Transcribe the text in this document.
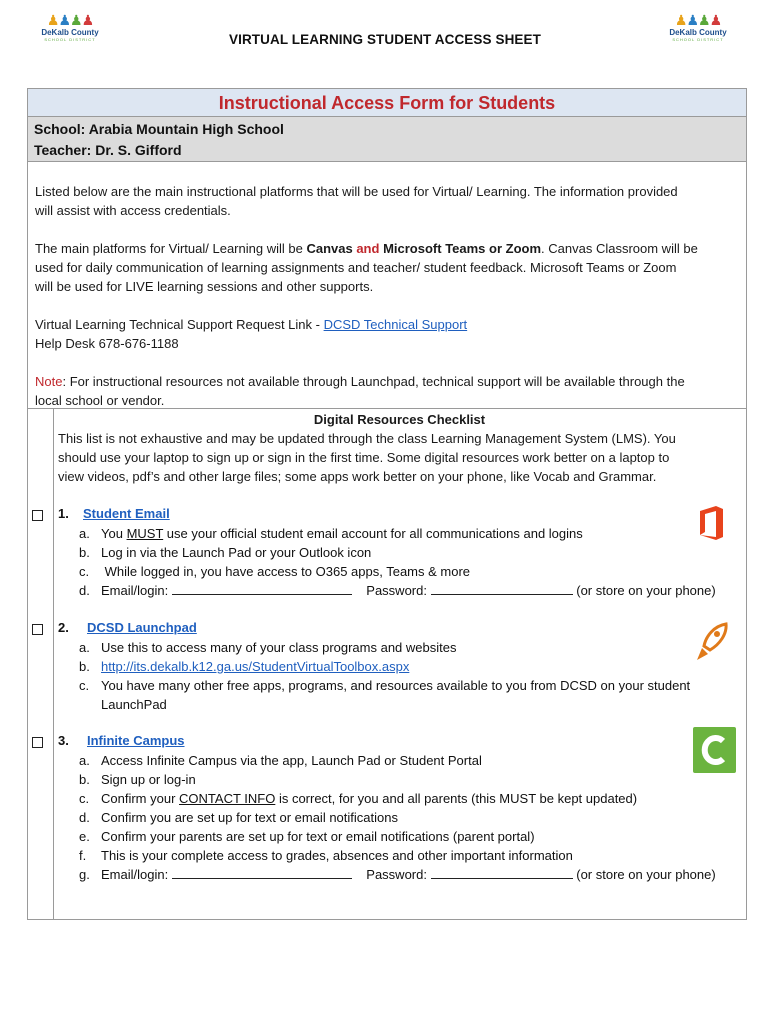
♟♟♟♟
DeKalb County
SCHOOL DISTRICT
♟♟♟♟
DeKalb County
SCHOOL DISTRICT
VIRTUAL LEARNING STUDENT ACCESS SHEET
Instructional Access Form for Students
School: Arabia Mountain High School
Teacher: Dr. S. Gifford
Listed below are the main instructional platforms that will be used for Virtual/ Learning. The information provided
will assist with access credentials.
The main platforms for Virtual/ Learning will be Canvas and Microsoft Teams or Zoom. Canvas Classroom will be
used for daily communication of learning assignments and teacher/ student feedback. Microsoft Teams or Zoom
will be used for LIVE learning sessions and other supports.
Virtual Learning Technical Support Request Link - DCSD Technical Support
Help Desk 678-676-1188
Note: For instructional resources not available through Launchpad, technical support will be available through the
local school or vendor.
Digital Resources Checklist
This list is not exhaustive and may be updated through the class Learning Management System (LMS). You
should use your laptop to sign up or sign in the first time. Some digital resources work better on a laptop to
view videos, pdf’s and other large files; some apps work better on your phone, like Vocab and Grammar.
1. Student Email
a. You MUST use your official student email account for all communications and logins
b. Log in via the Launch Pad or your Outlook icon
c. While logged in, you have access to O365 apps, Teams & more
d. Email/login:	Password:	(or store on your phone)
2. DCSD Launchpad
a. Use this to access many of your class programs and websites
b. http://its.dekalb.k12.ga.us/StudentVirtualToolbox.aspx
c. You have many other free apps, programs, and resources available to you from DCSD on your student
LaunchPad
3. Infinite Campus
a. Access Infinite Campus via the app, Launch Pad or Student Portal
b. Sign up or log-in
c. Confirm your CONTACT INFO is correct, for you and all parents (this MUST be kept updated)
d. Confirm you are set up for text or email notifications
e. Confirm your parents are set up for text or email notifications (parent portal)
f. This is your complete access to grades, absences and other important information
g. Email/login:	Password:	(or store on your phone)
